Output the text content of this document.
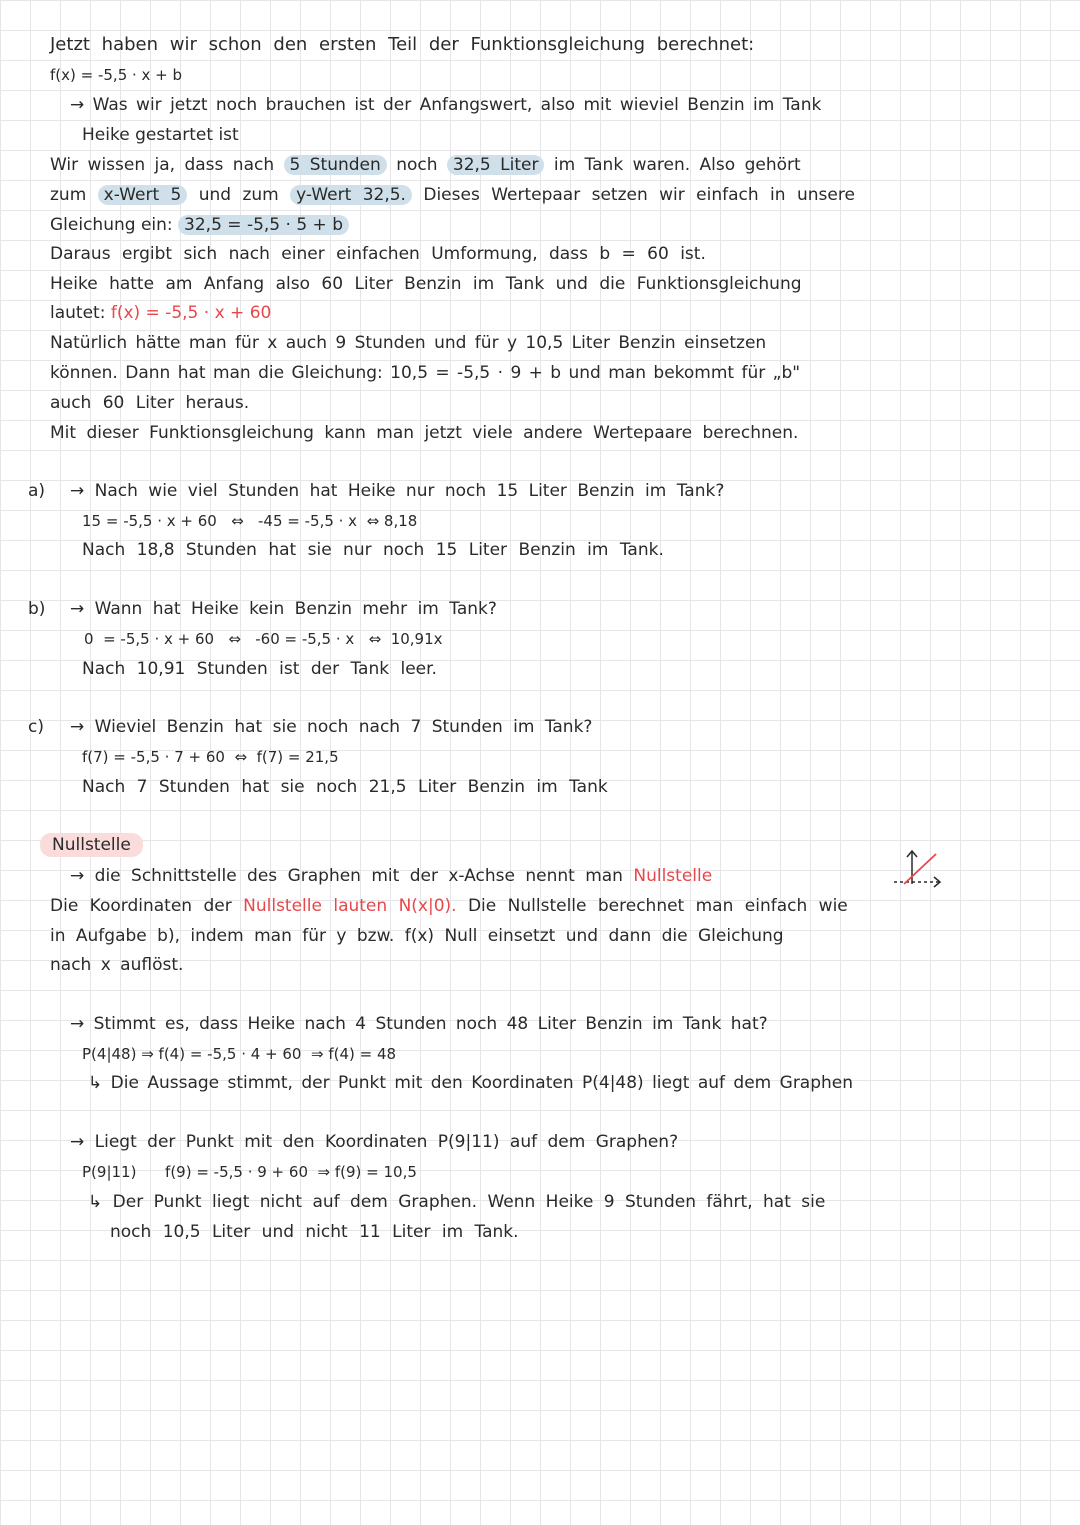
Jetzt haben wir schon den ersten Teil der Funktionsgleichung berechnet:
f(x) = -5,5 · x + b
→ Was wir jetzt noch brauchen ist der Anfangswert, also mit wieviel Benzin im Tank
Heike gestartet ist
Wir wissen ja, dass nach 5 Stunden noch 32,5 Liter im Tank waren. Also gehört
zum x-Wert 5 und zum y-Wert 32,5. Dieses Wertepaar setzen wir einfach in unsere
Gleichung ein: 32,5 = -5,5 · 5 + b
Daraus ergibt sich nach einer einfachen Umformung, dass b = 60 ist.
Heike hatte am Anfang also 60 Liter Benzin im Tank und die Funktionsgleichung
lautet: f(x) = -5,5 · x + 60
Natürlich hätte man für x auch 9 Stunden und für y 10,5 Liter Benzin einsetzen
können. Dann hat man die Gleichung: 10,5 = -5,5 · 9 + b und man bekommt für „b"
auch 60 Liter heraus.
Mit dieser Funktionsgleichung kann man jetzt viele andere Wertepaare berechnen.
a) → Nach wie viel Stunden hat Heike nur noch 15 Liter Benzin im Tank?
15 = -5,5 · x + 60   ⇔   -45 = -5,5 · x  ⇔ 8,18
Nach 18,8 Stunden hat sie nur noch 15 Liter Benzin im Tank.
b) → Wann hat Heike kein Benzin mehr im Tank?
0  = -5,5 · x + 60   ⇔   -60 = -5,5 · x   ⇔  10,91x
Nach 10,91 Stunden ist der Tank leer.
c) → Wieviel Benzin hat sie noch nach 7 Stunden im Tank?
f(7) = -5,5 · 7 + 60  ⇔  f(7) = 21,5
Nach 7 Stunden hat sie noch 21,5 Liter Benzin im Tank
Nullstelle
→ die Schnittstelle des Graphen mit der x-Achse nennt man Nullstelle
Die Koordinaten der Nullstelle lauten N(x|0). Die Nullstelle berechnet man einfach wie
in Aufgabe b), indem man für y bzw. f(x) Null einsetzt und dann die Gleichung
nach x auflöst.
→ Stimmt es, dass Heike nach 4 Stunden noch 48 Liter Benzin im Tank hat?
P(4|48) ⇒ f(4) = -5,5 · 4 + 60  ⇒ f(4) = 48
↳ Die Aussage stimmt, der Punkt mit den Koordinaten P(4|48) liegt auf dem Graphen
→ Liegt der Punkt mit den Koordinaten P(9|11) auf dem Graphen?
P(9|11)      f(9) = -5,5 · 9 + 60  ⇒ f(9) = 10,5
↳ Der Punkt liegt nicht auf dem Graphen. Wenn Heike 9 Stunden fährt, hat sie
noch 10,5 Liter und nicht 11 Liter im Tank.
